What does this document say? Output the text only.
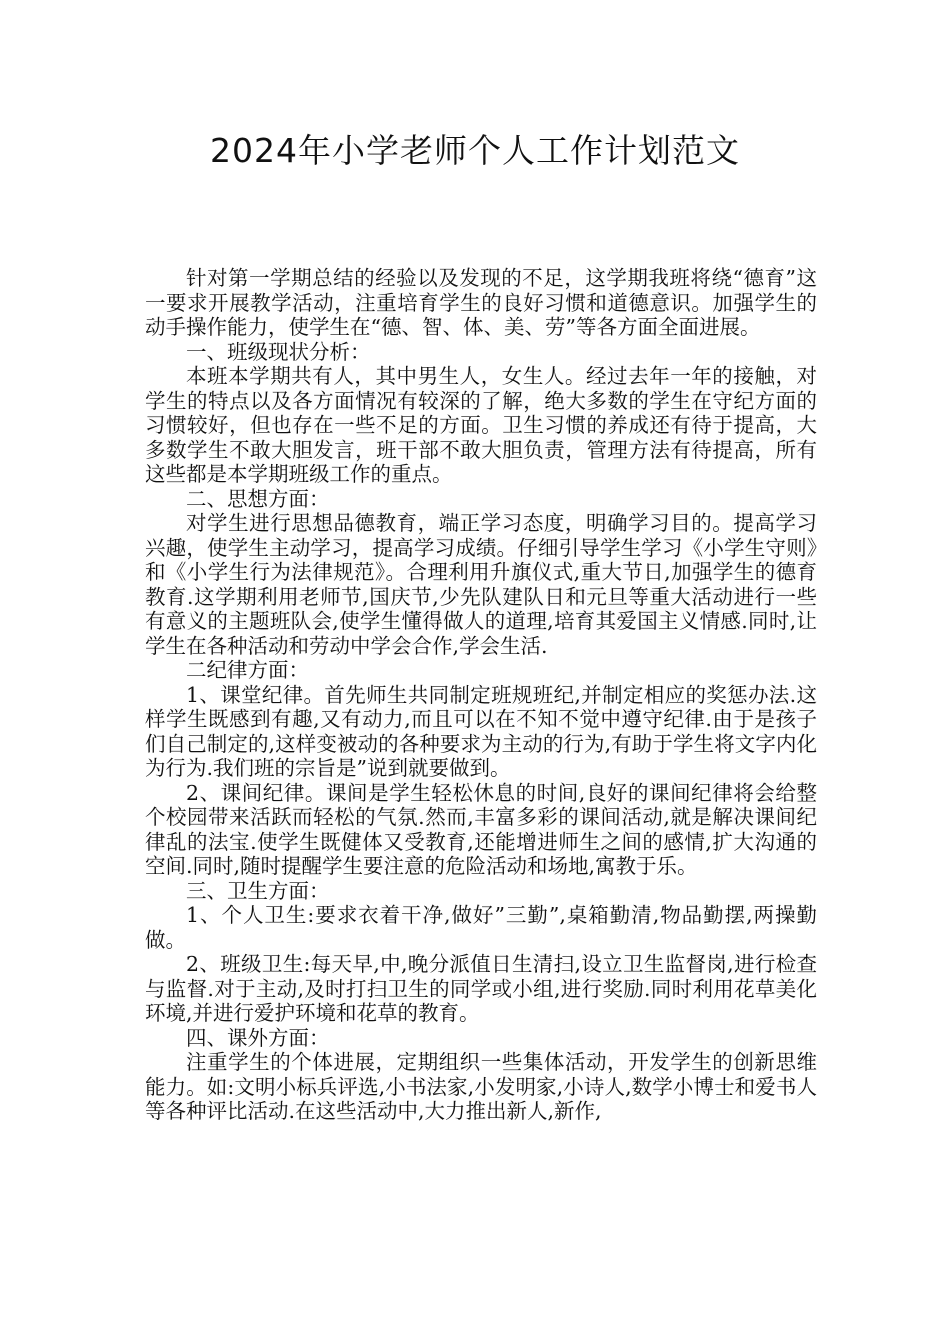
2024年小学老师个人工作计划范文

针对第一学期总结的经验以及发现的不足，这学期我班将绕“德育”这一要求开展教学活动，注重培育学生的良好习惯和道德意识。加强学生的动手操作能力，使学生在“德、智、体、美、劳”等各方面全面进展。

一、班级现状分析：

本班本学期共有人，其中男生人，女生人。经过去年一年的接触，对学生的特点以及各方面情况有较深的了解，绝大多数的学生在守纪方面的习惯较好，但也存在一些不足的方面。卫生习惯的养成还有待于提高，大多数学生不敢大胆发言，班干部不敢大胆负责，管理方法有待提高，所有这些都是本学期班级工作的重点。

二、思想方面：

对学生进行思想品德教育，端正学习态度，明确学习目的。提高学习兴趣，使学生主动学习，提高学习成绩。仔细引导学生学习《小学生守则》和《小学生行为法律规范》。合理利用升旗仪式,重大节日,加强学生的德育教育.这学期利用老师节,国庆节,少先队建队日和元旦等重大活动进行一些有意义的主题班队会,使学生懂得做人的道理,培育其爱国主义情感.同时,让学生在各种活动和劳动中学会合作,学会生活.

二纪律方面：

1、课堂纪律。首先师生共同制定班规班纪,并制定相应的奖惩办法.这样学生既感到有趣,又有动力,而且可以在不知不觉中遵守纪律.由于是孩子们自己制定的,这样变被动的各种要求为主动的行为,有助于学生将文字内化为行为.我们班的宗旨是”说到就要做到。

2、课间纪律。课间是学生轻松休息的时间,良好的课间纪律将会给整个校园带来活跃而轻松的气氛.然而,丰富多彩的课间活动,就是解决课间纪律乱的法宝.使学生既健体又受教育,还能增进师生之间的感情,扩大沟通的空间.同时,随时提醒学生要注意的危险活动和场地,寓教于乐。

三、卫生方面：

1、个人卫生:要求衣着干净,做好”三勤”,桌箱勤清,物品勤摆,两操勤做。

2、班级卫生:每天早,中,晚分派值日生清扫,设立卫生监督岗,进行检查与监督.对于主动,及时打扫卫生的同学或小组,进行奖励.同时利用花草美化环境,并进行爱护环境和花草的教育。

四、课外方面：

注重学生的个体进展，定期组织一些集体活动，开发学生的创新思维能力。如:文明小标兵评选,小书法家,小发明家,小诗人,数学小博士和爱书人等各种评比活动.在这些活动中,大力推出新人,新作,
